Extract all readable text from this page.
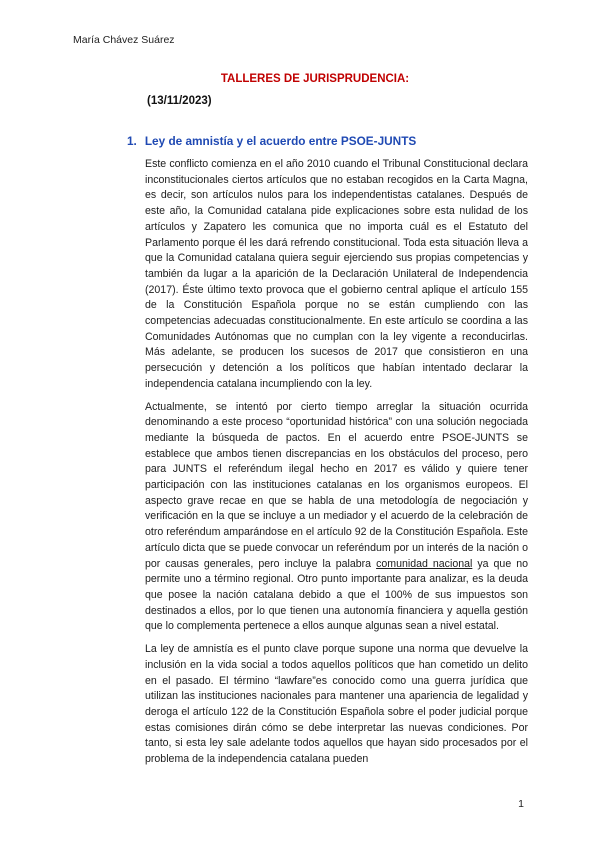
María Chávez Suárez
TALLERES DE JURISPRUDENCIA:
(13/11/2023)
1. Ley de amnistía y el acuerdo entre PSOE-JUNTS

Este conflicto comienza en el año 2010 cuando el Tribunal Constitucional declara inconstitucionales ciertos artículos que no estaban recogidos en la Carta Magna, es decir, son artículos nulos para los independentistas catalanes. Después de este año, la Comunidad catalana pide explicaciones sobre esta nulidad de los artículos y Zapatero les comunica que no importa cuál es el Estatuto del Parlamento porque él les dará refrendo constitucional. Toda esta situación lleva a que la Comunidad catalana quiera seguir ejerciendo sus propias competencias y también da lugar a la aparición de la Declaración Unilateral de Independencia (2017). Éste último texto provoca que el gobierno central aplique el artículo 155 de la Constitución Española porque no se están cumpliendo con las competencias adecuadas constitucionalmente. En este artículo se coordina a las Comunidades Autónomas que no cumplan con la ley vigente a reconducirlas. Más adelante, se producen los sucesos de 2017 que consistieron en una persecución y detención a los políticos que habían intentado declarar la independencia catalana incumpliendo con la ley.

Actualmente, se intentó por cierto tiempo arreglar la situación ocurrida denominando a este proceso “oportunidad histórica” con una solución negociada mediante la búsqueda de pactos. En el acuerdo entre PSOE-JUNTS se establece que ambos tienen discrepancias en los obstáculos del proceso, pero para JUNTS el referéndum ilegal hecho en 2017 es válido y quiere tener participación con las instituciones catalanas en los organismos europeos. El aspecto grave recae en que se habla de una metodología de negociación y verificación en la que se incluye a un mediador y el acuerdo de la celebración de otro referéndum amparándose en el artículo 92 de la Constitución Española. Este artículo dicta que se puede convocar un referéndum por un interés de la nación o por causas generales, pero incluye la palabra comunidad nacional ya que no permite uno a término regional. Otro punto importante para analizar, es la deuda que posee la nación catalana debido a que el 100% de sus impuestos son destinados a ellos, por lo que tienen una autonomía financiera y aquella gestión que lo complementa pertenece a ellos aunque algunas sean a nivel estatal.

La ley de amnistía es el punto clave porque supone una norma que devuelve la inclusión en la vida social a todos aquellos políticos que han cometido un delito en el pasado. El término “lawfare”es conocido como una guerra jurídica que utilizan las instituciones nacionales para mantener una apariencia de legalidad y deroga el artículo 122 de la Constitución Española sobre el poder judicial porque estas comisiones dirán cómo se debe interpretar las nuevas condiciones. Por tanto, si esta ley sale adelante todos aquellos que hayan sido procesados por el problema de la independencia catalana pueden

1
